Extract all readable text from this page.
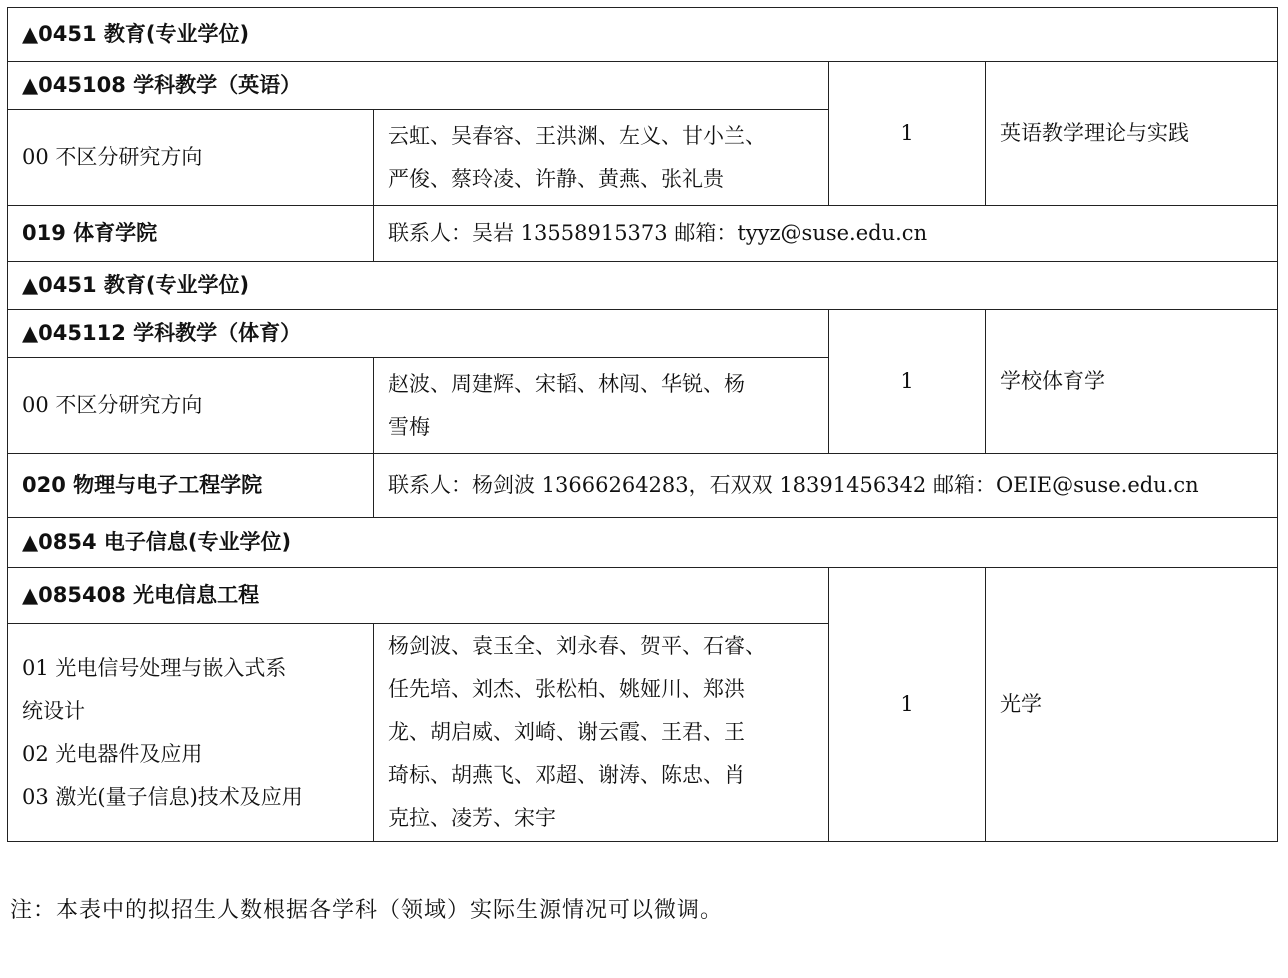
▲0451 教育(专业学位)			
▲045108 学科教学（英语）		1	英语教学理论与实践
00 不区分研究方向	云虹、吴春容、王洪渊、左义、甘小兰、
严俊、蔡玲凌、许静、黄燕、张礼贵		

019 体育学院	联系人：吴岩 13558915373 邮箱：tyyz@suse.edu.cn		
▲0451 教育(专业学位)			
▲045112 学科教学（体育）		1	学校体育学
00 不区分研究方向	赵波、周建辉、宋韬、林闯、华锐、杨
雪梅		

020 物理与电子工程学院	联系人：杨剑波 13666264283，石双双 18391456342 邮箱：OEIE@suse.edu.cn		
▲0854 电子信息(专业学位)			
▲085408 光电信息工程		1	光学

01 光电信号处理与嵌入式系
统设计
02 光电器件及应用
03 激光(量子信息)技术及应用	杨剑波、袁玉全、刘永春、贺平、石睿、
任先培、刘杰、张松柏、姚娅川、郑洪
龙、胡启威、刘崎、谢云霞、王君、王
琦标、胡燕飞、邓超、谢涛、陈忠、肖
克拉、凌芳、宋宇		
注：本表中的拟招生人数根据各学科（领域）实际生源情况可以微调。
